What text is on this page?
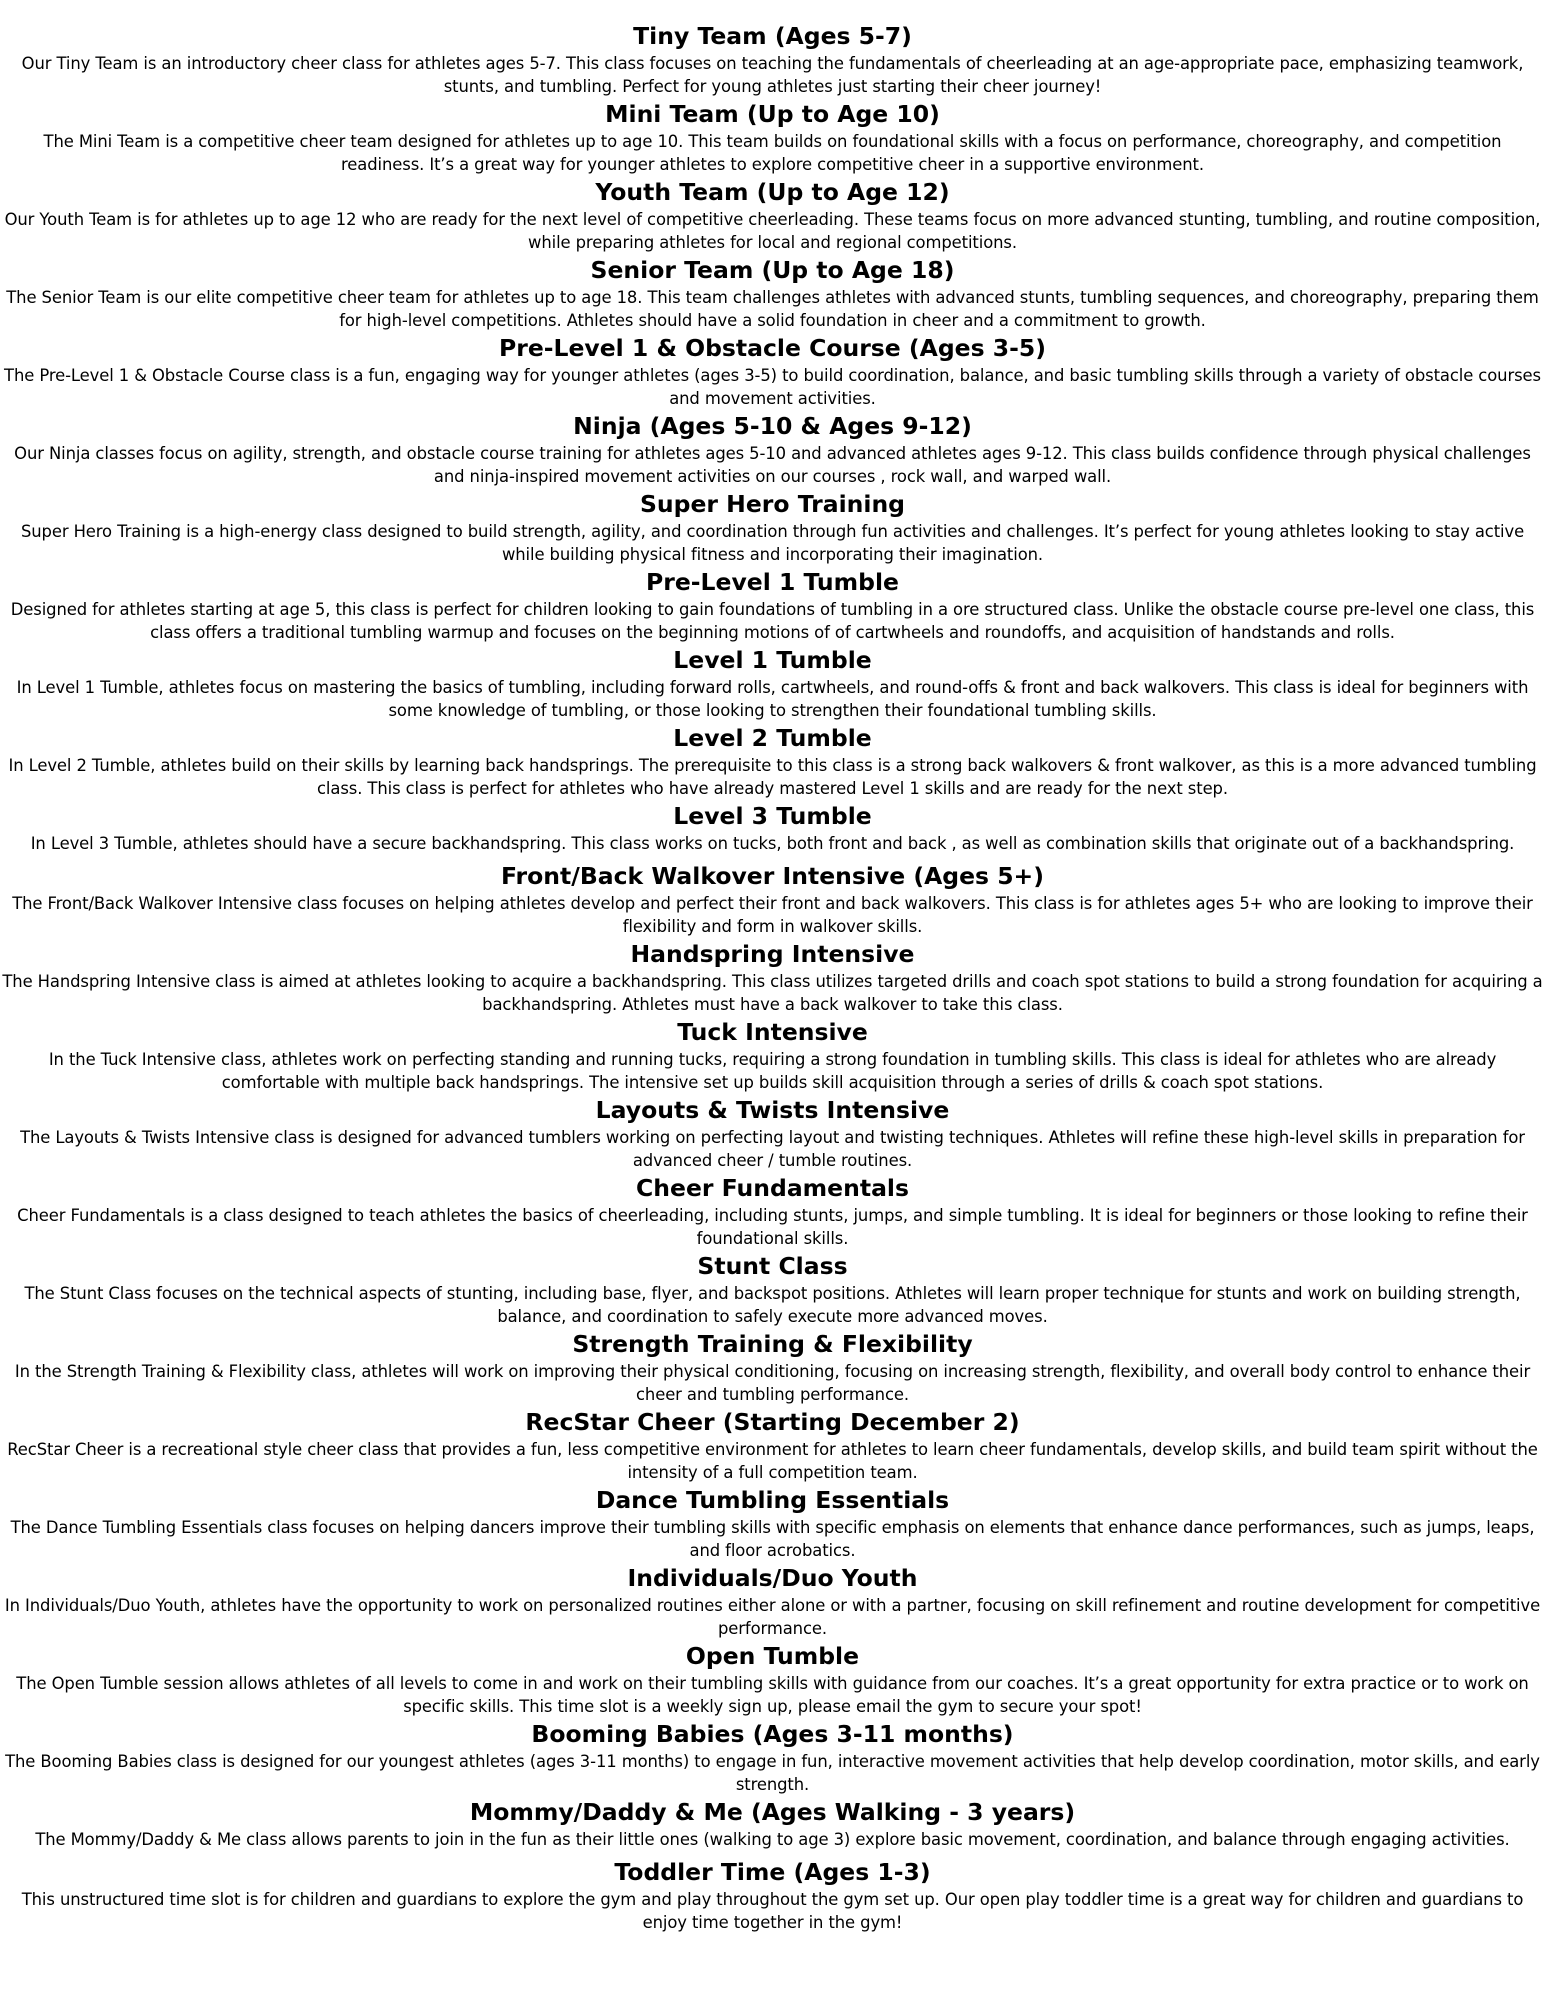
Tiny Team (Ages 5-7)

Our Tiny Team is an introductory cheer class for athletes ages 5-7. This class focuses on teaching the fundamentals of cheerleading at an age-appropriate pace, emphasizing teamwork, stunts, and tumbling. Perfect for young athletes just starting their cheer journey!

Mini Team (Up to Age 10)

The Mini Team is a competitive cheer team designed for athletes up to age 10. This team builds on foundational skills with a focus on performance, choreography, and competition readiness. It’s a great way for younger athletes to explore competitive cheer in a supportive environment.

Youth Team (Up to Age 12)

Our Youth Team is for athletes up to age 12 who are ready for the next level of competitive cheerleading. These teams focus on more advanced stunting, tumbling, and routine composition, while preparing athletes for local and regional competitions.

Senior Team (Up to Age 18)

The Senior Team is our elite competitive cheer team for athletes up to age 18. This team challenges athletes with advanced stunts, tumbling sequences, and choreography, preparing them for high-level competitions. Athletes should have a solid foundation in cheer and a commitment to growth.

Pre-Level 1 & Obstacle Course (Ages 3-5)

The Pre-Level 1 & Obstacle Course class is a fun, engaging way for younger athletes (ages 3-5) to build coordination, balance, and basic tumbling skills through a variety of obstacle courses and movement activities.

Ninja (Ages 5-10 & Ages 9-12)

Our Ninja classes focus on agility, strength, and obstacle course training for athletes ages 5-10 and advanced athletes ages 9-12. This class builds confidence through physical challenges and ninja-inspired movement activities on our courses , rock wall, and warped wall.

Super Hero Training

Super Hero Training is a high-energy class designed to build strength, agility, and coordination through fun activities and challenges. It’s perfect for young athletes looking to stay active while building physical fitness and incorporating their imagination.

Pre-Level 1 Tumble

Designed for athletes starting at age 5, this class is perfect for children looking to gain foundations of tumbling in a ore structured class. Unlike the obstacle course pre-level one class, this class offers a traditional tumbling warmup and focuses on the beginning motions of of cartwheels and roundoffs, and acquisition of handstands and rolls.

Level 1 Tumble

In Level 1 Tumble, athletes focus on mastering the basics of tumbling, including forward rolls, cartwheels, and round-offs & front and back walkovers. This class is ideal for beginners with some knowledge of tumbling, or those looking to strengthen their foundational tumbling skills.

Level 2 Tumble

In Level 2 Tumble, athletes build on their skills by learning back handsprings. The prerequisite to this class is a strong back walkovers & front walkover, as this is a more advanced tumbling class. This class is perfect for athletes who have already mastered Level 1 skills and are ready for the next step.

Level 3 Tumble

In Level 3 Tumble, athletes should have a secure backhandspring. This class works on tucks, both front and back , as well as combination skills that originate out of a backhandspring.

Front/Back Walkover Intensive (Ages 5+)

The Front/Back Walkover Intensive class focuses on helping athletes develop and perfect their front and back walkovers. This class is for athletes ages 5+ who are looking to improve their flexibility and form in walkover skills.

Handspring Intensive

The Handspring Intensive class is aimed at athletes looking to acquire a backhandspring. This class utilizes targeted drills and coach spot stations to build a strong foundation for acquiring a backhandspring. Athletes must have a back walkover to take this class.

Tuck Intensive

In the Tuck Intensive class, athletes work on perfecting standing and running tucks, requiring a strong foundation in tumbling skills. This class is ideal for athletes who are already comfortable with multiple back handsprings. The intensive set up builds skill acquisition through a series of drills & coach spot stations.

Layouts & Twists Intensive

The Layouts & Twists Intensive class is designed for advanced tumblers working on perfecting layout and twisting techniques. Athletes will refine these high-level skills in preparation for advanced cheer / tumble routines.

Cheer Fundamentals

Cheer Fundamentals is a class designed to teach athletes the basics of cheerleading, including stunts, jumps, and simple tumbling. It is ideal for beginners or those looking to refine their foundational skills.

Stunt Class

The Stunt Class focuses on the technical aspects of stunting, including base, flyer, and backspot positions. Athletes will learn proper technique for stunts and work on building strength, balance, and coordination to safely execute more advanced moves.

Strength Training & Flexibility

In the Strength Training & Flexibility class, athletes will work on improving their physical conditioning, focusing on increasing strength, flexibility, and overall body control to enhance their cheer and tumbling performance.

RecStar Cheer (Starting December 2)

RecStar Cheer is a recreational style cheer class that provides a fun, less competitive environment for athletes to learn cheer fundamentals, develop skills, and build team spirit without the intensity of a full competition team.

Dance Tumbling Essentials

The Dance Tumbling Essentials class focuses on helping dancers improve their tumbling skills with specific emphasis on elements that enhance dance performances, such as jumps, leaps, and floor acrobatics.

Individuals/Duo Youth

In Individuals/Duo Youth, athletes have the opportunity to work on personalized routines either alone or with a partner, focusing on skill refinement and routine development for competitive performance.

Open Tumble

The Open Tumble session allows athletes of all levels to come in and work on their tumbling skills with guidance from our coaches. It’s a great opportunity for extra practice or to work on specific skills. This time slot is a weekly sign up, please email the gym to secure your spot!

Booming Babies (Ages 3-11 months)

The Booming Babies class is designed for our youngest athletes (ages 3-11 months) to engage in fun, interactive movement activities that help develop coordination, motor skills, and early strength.

Mommy/Daddy & Me (Ages Walking - 3 years)

The Mommy/Daddy & Me class allows parents to join in the fun as their little ones (walking to age 3) explore basic movement, coordination, and balance through engaging activities.

Toddler Time (Ages 1-3)

This unstructured time slot is for children and guardians to explore the gym and play throughout the gym set up. Our open play toddler time is a great way for children and guardians to enjoy time together in the gym!
